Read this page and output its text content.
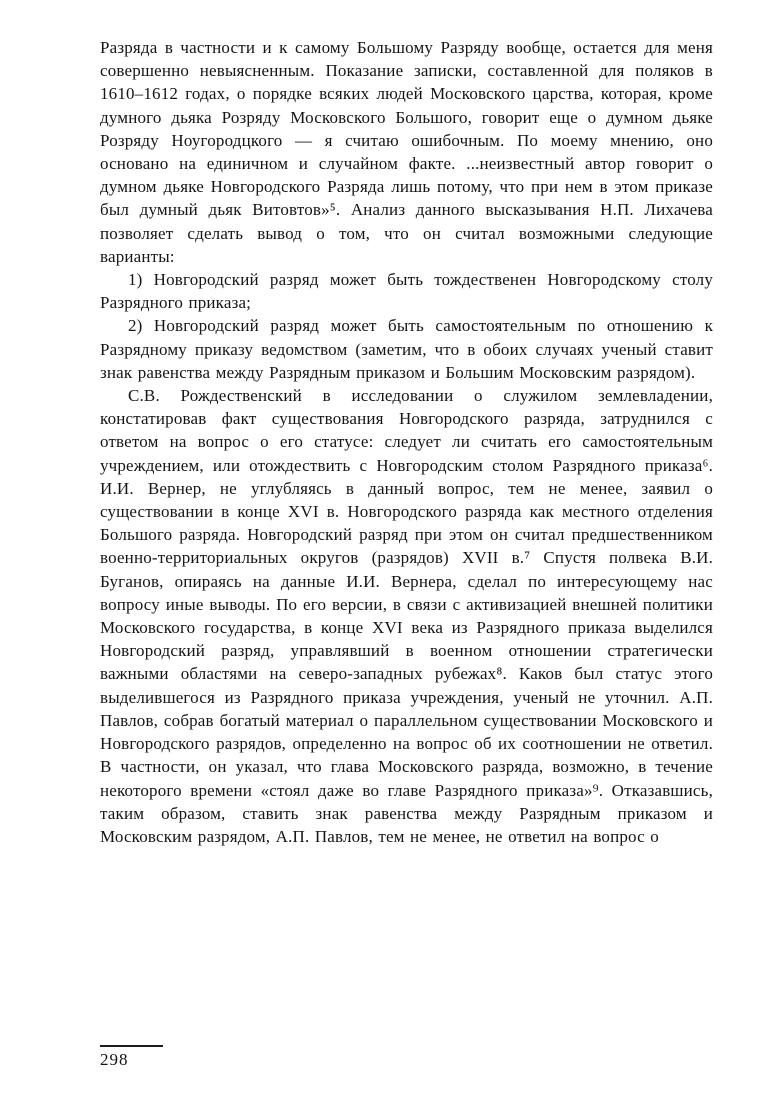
Разряда в частности и к самому Большому Разряду вообще, остается для меня совершенно невыясненным. Показание записки, составленной для поляков в 1610–1612 годах, о порядке всяких людей Московского царства, которая, кроме думного дьяка Розряду Московского Большого, говорит еще о думном дьяке Розряду Ноугородцкого — я считаю ошибочным. По моему мнению, оно основано на единичном и случайном факте. ...неизвестный автор говорит о думном дьяке Новгородского Разряда лишь потому, что при нем в этом приказе был думный дьяк Витовтов»⁵. Анализ данного высказывания Н.П. Лихачева позволяет сделать вывод о том, что он считал возможными следующие варианты:

1) Новгородский разряд может быть тождественен Новгородскому столу Разрядного приказа;

2) Новгородский разряд может быть самостоятельным по отношению к Разрядному приказу ведомством (заметим, что в обоих случаях ученый ставит знак равенства между Разрядным приказом и Большим Московским разрядом).

С.В. Рождественский в исследовании о служилом землевладении, констатировав факт существования Новгородского разряда, затруднился с ответом на вопрос о его статусе: следует ли считать его самостоятельным учреждением, или отождествить с Новгородским столом Разрядного приказа⁶. И.И. Вернер, не углубляясь в данный вопрос, тем не менее, заявил о существовании в конце XVI в. Новгородского разряда как местного отделения Большого разряда. Новгородский разряд при этом он считал предшественником военно-территориальных округов (разрядов) XVII в.⁷ Спустя полвека В.И. Буганов, опираясь на данные И.И. Вернера, сделал по интересующему нас вопросу иные выводы. По его версии, в связи с активизацией внешней политики Московского государства, в конце XVI века из Разрядного приказа выделился Новгородский разряд, управлявший в военном отношении стратегически важными областями на северо-западных рубежах⁸. Каков был статус этого выделившегося из Разрядного приказа учреждения, ученый не уточнил. А.П. Павлов, собрав богатый материал о параллельном существовании Московского и Новгородского разрядов, определенно на вопрос об их соотношении не ответил. В частности, он указал, что глава Московского разряда, возможно, в течение некоторого времени «стоял даже во главе Разрядного приказа»⁹. Отказавшись, таким образом, ставить знак равенства между Разрядным приказом и Московским разрядом, А.П. Павлов, тем не менее, не ответил на вопрос о

298
